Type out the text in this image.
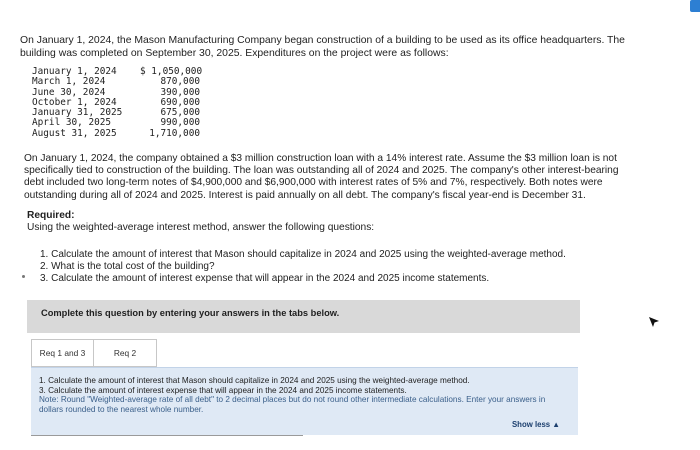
On January 1, 2024, the Mason Manufacturing Company began construction of a building to be used as its office headquarters. The building was completed on September 30, 2025. Expenditures on the project were as follows:
January 1, 2024	$ 1,050,000
March 1, 2024	870,000
June 30, 2024	390,000
October 1, 2024	690,000
January 31, 2025	675,000
April 30, 2025	990,000
August 31, 2025	1,710,000
On January 1, 2024, the company obtained a $3 million construction loan with a 14% interest rate. Assume the $3 million loan is not specifically tied to construction of the building. The loan was outstanding all of 2024 and 2025. The company's other interest-bearing debt included two long-term notes of $4,900,000 and $6,900,000 with interest rates of 5% and 7%, respectively. Both notes were outstanding during all of 2024 and 2025. Interest is paid annually on all debt. The company's fiscal year-end is December 31.
Required:
Using the weighted-average interest method, answer the following questions:
1. Calculate the amount of interest that Mason should capitalize in 2024 and 2025 using the weighted-average method.
2. What is the total cost of the building?
3. Calculate the amount of interest expense that will appear in the 2024 and 2025 income statements.
Complete this question by entering your answers in the tabs below.
Req 1 and 3	Req 2
1. Calculate the amount of interest that Mason should capitalize in 2024 and 2025 using the weighted-average method.
3. Calculate the amount of interest expense that will appear in the 2024 and 2025 income statements.
Note: Round "Weighted-average rate of all debt" to 2 decimal places but do not round other intermediate calculations. Enter your answers in dollars rounded to the nearest whole number.
Show less ▲
